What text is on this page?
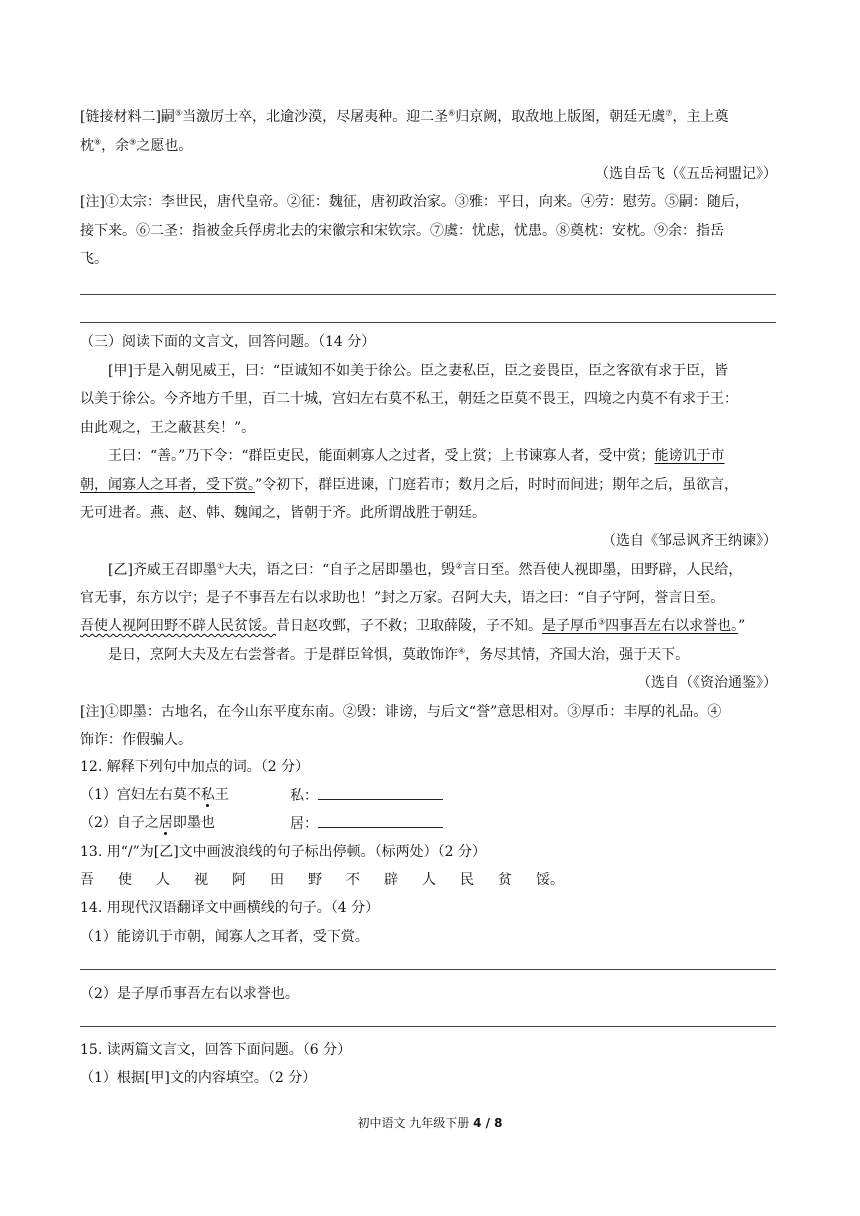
[链接材料二]嗣⑤当激厉士卒，北逾沙漠，尽屠夷种。迎二圣⑥归京阙，取敌地上版图，朝廷无虞⑦，主上奠
枕⑧，余⑨之愿也。
（选自岳飞（《五岳祠盟记》）
[注]①太宗：李世民，唐代皇帝。②征：魏征，唐初政治家。③雅：平日，向来。④劳：慰劳。⑤嗣：随后，
接下来。⑥二圣：指被金兵俘虏北去的宋徽宗和宋钦宗。⑦虞：忧虑，忧患。⑧奠枕：安枕。⑨余：指岳
飞。
（三）阅读下面的文言文，回答问题。（14 分）
[甲]于是入朝见威王，曰：“臣诚知不如美于徐公。臣之妻私臣，臣之妾畏臣，臣之客欲有求于臣，皆
以美于徐公。今齐地方千里，百二十城，宫妇左右莫不私王，朝廷之臣莫不畏王，四境之内莫不有求于王：
由此观之，王之蔽甚矣！”。
王曰：“善。”乃下令：“群臣吏民，能面刺寡人之过者，受上赏；上书谏寡人者，受中赏；能谤讥于市
朝，闻寡人之耳者，受下赏。”令初下，群臣进谏，门庭若市；数月之后，时时而间进；期年之后，虽欲言，
无可进者。燕、赵、韩、魏闻之，皆朝于齐。此所谓战胜于朝廷。
（选自《邹忌讽齐王纳谏》）
[乙]齐威王召即墨①大夫，语之曰：“自子之居即墨也，毁②言日至。然吾使人视即墨，田野辟，人民给，
官无事，东方以宁；是子不事吾左右以求助也！”封之万家。召阿大夫，语之曰：“自子守阿，誉言日至。
吾使人视阿田野不辟人民贫馁。昔日赵攻鄄，子不救；卫取薛陵，子不知。是子厚币③四事吾左右以求誉也。”
是日，烹阿大夫及左右尝誉者。于是群臣耸惧，莫敢饰诈④，务尽其情，齐国大治，强于天下。
（选自（《资治通鉴》）
[注]①即墨：古地名，在今山东平度东南。②毁：诽谤，与后文“誉”意思相对。③厚币：丰厚的礼品。④
饰诈：作假骗人。
12. 解释下列句中加点的词。（2 分）
（1）宫妇左右莫不私王	私：
（2）自子之居即墨也	居：
13. 用“/”为[乙]文中画波浪线的句子标出停顿。（标两处）（2 分）
吾 使 人 视 阿 田 野 不 辟 人 民 贫 馁。
14. 用现代汉语翻译文中画横线的句子。（4 分）
（1）能谤讥于市朝，闻寡人之耳者，受下赏。
（2）是子厚币事吾左右以求誉也。
15. 读两篇文言文，回答下面问题。（6 分）
（1）根据[甲]文的内容填空。（2 分）
初中语文 九年级下册 4 / 8
